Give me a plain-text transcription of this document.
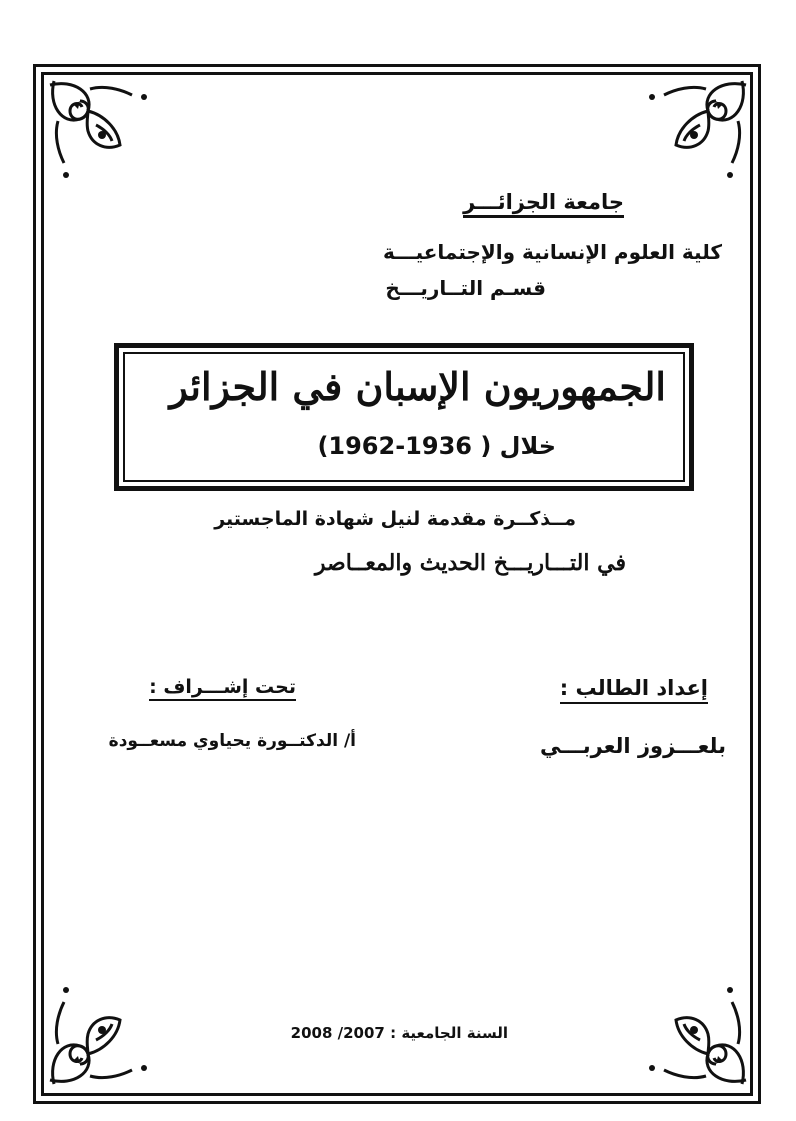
جامعة الجزائـــر
كلية العلوم الإنسانية والإجتماعيـــة
قسـم التــاريـــخ
الجمهوريون الإسبان في الجزائر
خلال ( 1936-1962)
مــذكــرة مقدمة لنيل شهادة الماجستير
في التـــاريـــخ الحديث والمعــاصر
إعداد الطالب :
بلعـــزوز العربـــي
تحت إشـــراف :
أ/ الدكتــورة يحياوي مسعــودة
السنة الجامعية : 2007/ 2008
